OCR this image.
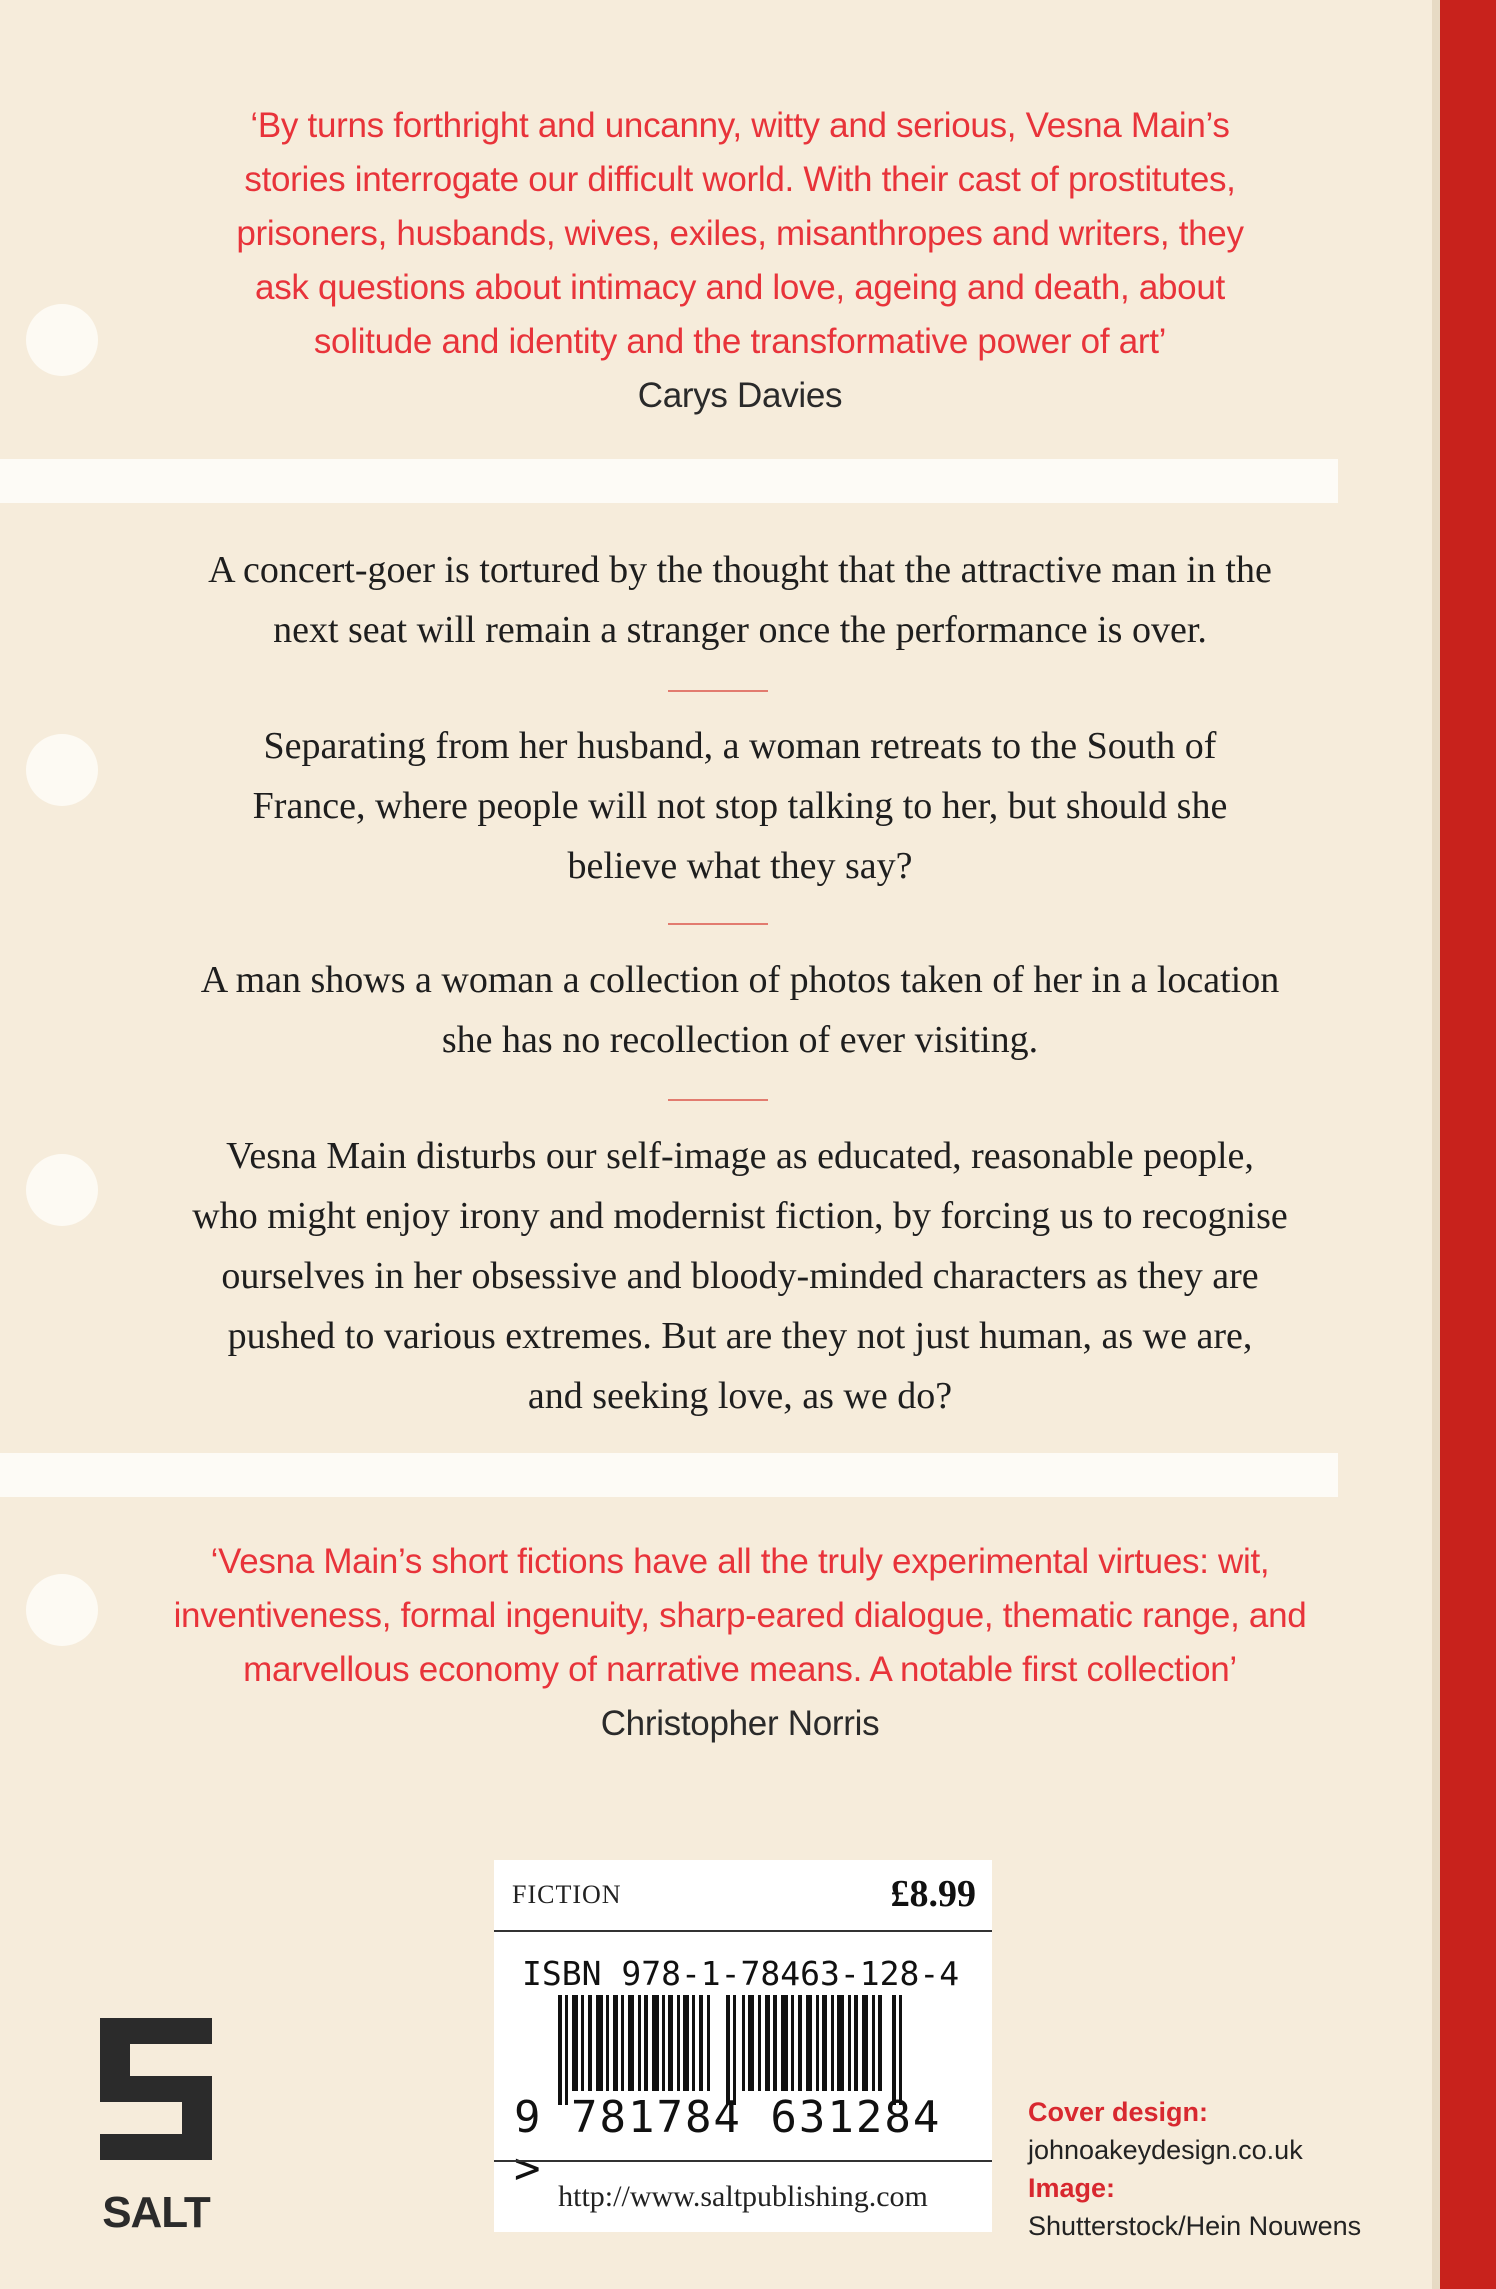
‘By turns forthright and uncanny, witty and serious, Vesna Main’s
stories interrogate our difficult world. With their cast of prostitutes,
prisoners, husbands, wives, exiles, misanthropes and writers, they
ask questions about intimacy and love, ageing and death, about
solitude and identity and the transformative power of art’
Carys Davies
A concert-goer is tortured by the thought that the attractive man in the
next seat will remain a stranger once the performance is over.
Separating from her husband, a woman retreats to the South of
France, where people will not stop talking to her, but should she
believe what they say?
A man shows a woman a collection of photos taken of her in a location
she has no recollection of ever visiting.
Vesna Main disturbs our self-image as educated, reasonable people,
who might enjoy irony and modernist fiction, by forcing us to recognise
ourselves in her obsessive and bloody-minded characters as they are
pushed to various extremes. But are they not just human, as we are,
and seeking love, as we do?
‘Vesna Main’s short fictions have all the truly experimental virtues: wit,
inventiveness, formal ingenuity, sharp-eared dialogue, thematic range, and
marvellous economy of narrative means. A notable first collection’
Christopher Norris
FICTION	£8.99
ISBN 978-1-78463-128-4
9 781784 631284 >
http://www.saltpublishing.com
SALT
Cover design:
johnoakeydesign.co.uk
Image:
Shutterstock/Hein Nouwens
